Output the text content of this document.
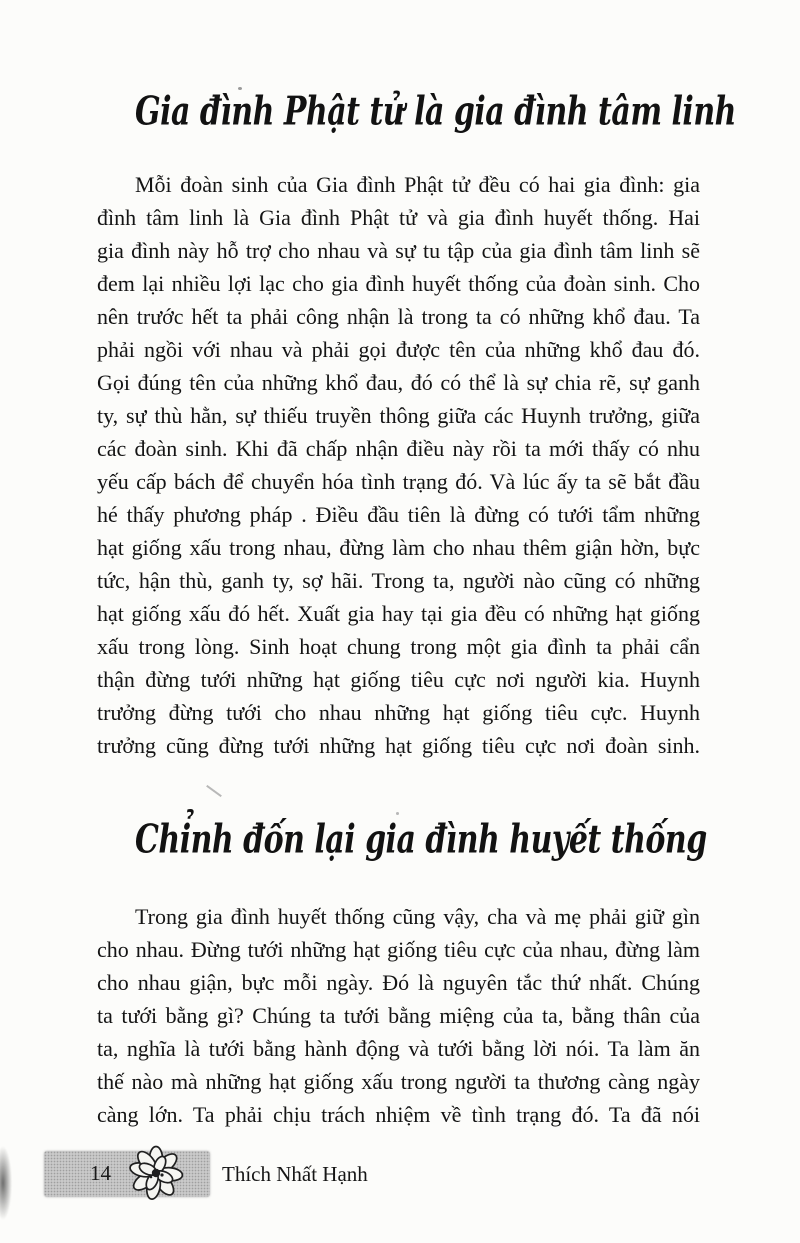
Gia đình Phật tử là gia đình tâm linh
Mỗi đoàn sinh của Gia đình Phật tử đều có hai gia đình: gia
đình tâm linh là Gia đình Phật tử và gia đình huyết thống. Hai
gia đình này hỗ trợ cho nhau và sự tu tập của gia đình tâm linh sẽ
đem lại nhiều lợi lạc cho gia đình huyết thống của đoàn sinh. Cho
nên trước hết ta phải công nhận là trong ta có những khổ đau. Ta
phải ngồi với nhau và phải gọi được tên của những khổ đau đó.
Gọi đúng tên của những khổ đau, đó có thể là sự chia rẽ, sự ganh
ty, sự thù hằn, sự thiếu truyền thông giữa các Huynh trưởng, giữa
các đoàn sinh. Khi đã chấp nhận điều này rồi ta mới thấy có nhu
yếu cấp bách để chuyển hóa tình trạng đó. Và lúc ấy ta sẽ bắt đầu
hé thấy phương pháp . Điều đầu tiên là đừng có tưới tẩm những
hạt giống xấu trong nhau, đừng làm cho nhau thêm giận hờn, bực
tức, hận thù, ganh ty, sợ hãi. Trong ta, người nào cũng có những
hạt giống xấu đó hết. Xuất gia hay tại gia đều có những hạt giống
xấu trong lòng. Sinh hoạt chung trong một gia đình ta phải cẩn
thận đừng tưới những hạt giống tiêu cực nơi người kia. Huynh
trưởng đừng tưới cho nhau những hạt giống tiêu cực. Huynh
trưởng cũng đừng tưới những hạt giống tiêu cực nơi đoàn sinh.
Chỉnh đốn lại gia đình huyết thống
Trong gia đình huyết thống cũng vậy, cha và mẹ phải giữ gìn
cho nhau. Đừng tưới những hạt giống tiêu cực của nhau, đừng làm
cho nhau giận, bực mỗi ngày. Đó là nguyên tắc thứ nhất. Chúng
ta tưới bằng gì? Chúng ta tưới bằng miệng của ta, bằng thân của
ta, nghĩa là tưới bằng hành động và tưới bằng lời nói. Ta làm ăn
thế nào mà những hạt giống xấu trong người ta thương càng ngày
càng lớn. Ta phải chịu trách nhiệm về tình trạng đó. Ta đã nói
14	Thích Nhất Hạnh
